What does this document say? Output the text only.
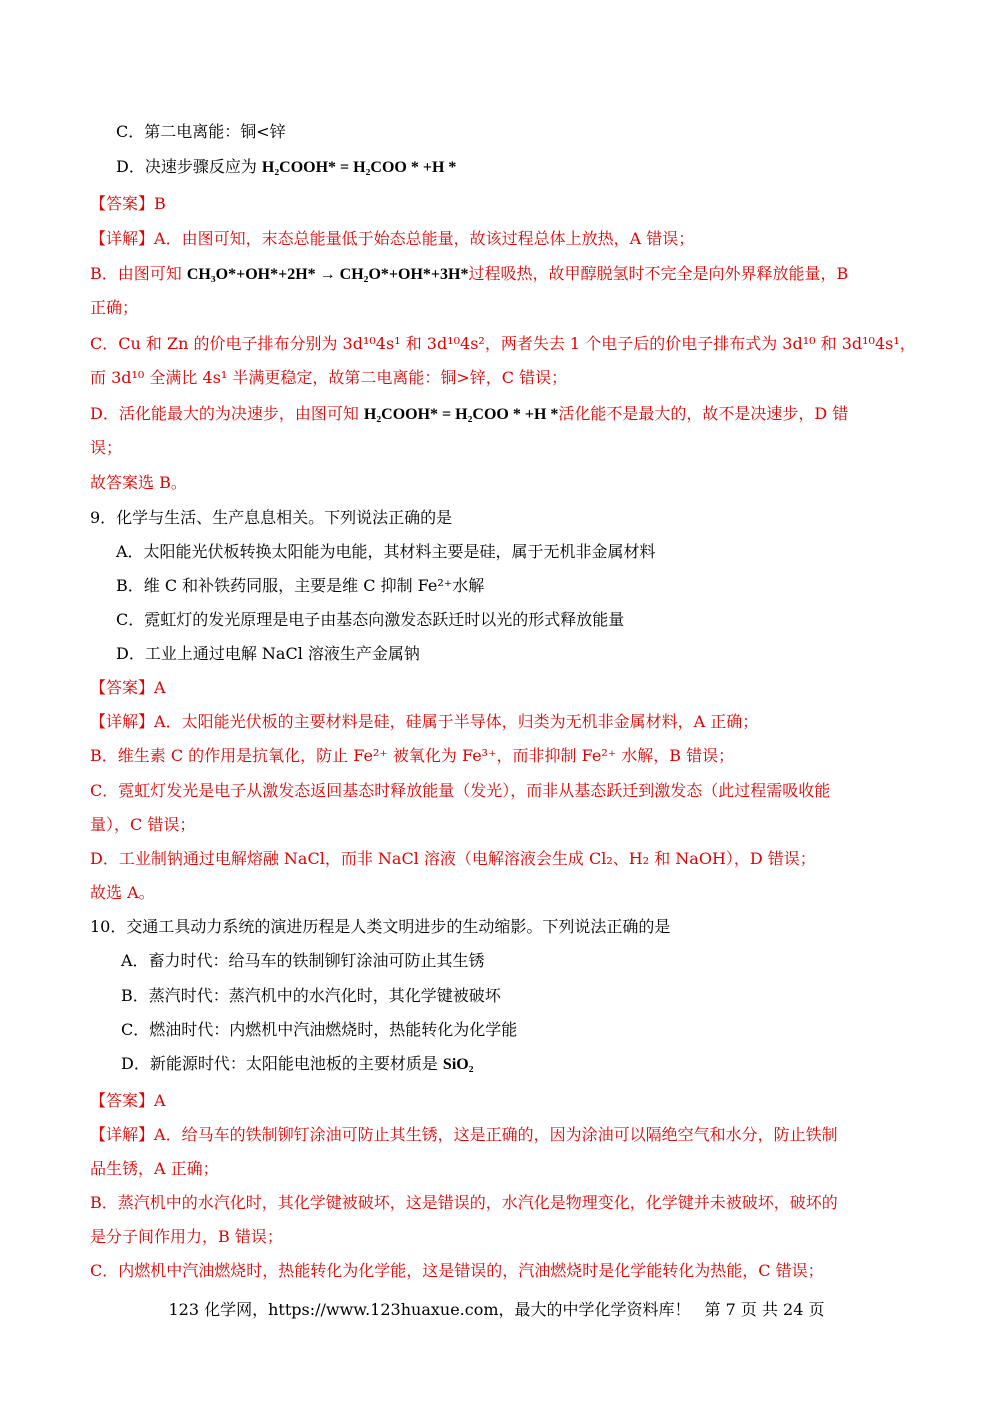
C．第二电离能：铜<锌
D．决速步骤反应为 H₂COOH* = H₂COO * +H *
【答案】B
【详解】A．由图可知，末态总能量低于始态总能量，故该过程总体上放热，A 错误；
B．由图可知 CH₃O*+OH*+2H* → CH₂O*+OH*+3H*过程吸热，故甲醇脱氢时不完全是向外界释放能量，B
正确；
C．Cu 和 Zn 的价电子排布分别为 3d¹⁰4s¹ 和 3d¹⁰4s²，两者失去 1 个电子后的价电子排布式为 3d¹⁰ 和 3d¹⁰4s¹，
而 3d¹⁰ 全满比 4s¹ 半满更稳定，故第二电离能：铜>锌，C 错误；
D．活化能最大的为决速步，由图可知 H₂COOH* = H₂COO * +H *活化能不是最大的，故不是决速步，D 错
误；
故答案选 B。
9．化学与生活、生产息息相关。下列说法正确的是
A．太阳能光伏板转换太阳能为电能，其材料主要是硅，属于无机非金属材料
B．维 C 和补铁药同服，主要是维 C 抑制 Fe²⁺水解
C．霓虹灯的发光原理是电子由基态向激发态跃迁时以光的形式释放能量
D．工业上通过电解 NaCl 溶液生产金属钠
【答案】A
【详解】A．太阳能光伏板的主要材料是硅，硅属于半导体，归类为无机非金属材料，A 正确；
B．维生素 C 的作用是抗氧化，防止 Fe²⁺ 被氧化为 Fe³⁺，而非抑制 Fe²⁺ 水解，B 错误；
C．霓虹灯发光是电子从激发态返回基态时释放能量（发光），而非从基态跃迁到激发态（此过程需吸收能
量），C 错误；
D．工业制钠通过电解熔融 NaCl，而非 NaCl 溶液（电解溶液会生成 Cl₂、H₂ 和 NaOH），D 错误；
故选 A。
10．交通工具动力系统的演进历程是人类文明进步的生动缩影。下列说法正确的是
A．畜力时代：给马车的铁制铆钉涂油可防止其生锈
B．蒸汽时代：蒸汽机中的水汽化时，其化学键被破坏
C．燃油时代：内燃机中汽油燃烧时，热能转化为化学能
D．新能源时代：太阳能电池板的主要材质是 SiO₂
【答案】A
【详解】A．给马车的铁制铆钉涂油可防止其生锈，这是正确的，因为涂油可以隔绝空气和水分，防止铁制
品生锈，A 正确；
B．蒸汽机中的水汽化时，其化学键被破坏，这是错误的，水汽化是物理变化，化学键并未被破坏，破坏的
是分子间作用力，B 错误；
C．内燃机中汽油燃烧时，热能转化为化学能，这是错误的，汽油燃烧时是化学能转化为热能，C 错误；
123 化学网，https://www.123huaxue.com，最大的中学化学资料库！ 第 7 页 共 24 页
